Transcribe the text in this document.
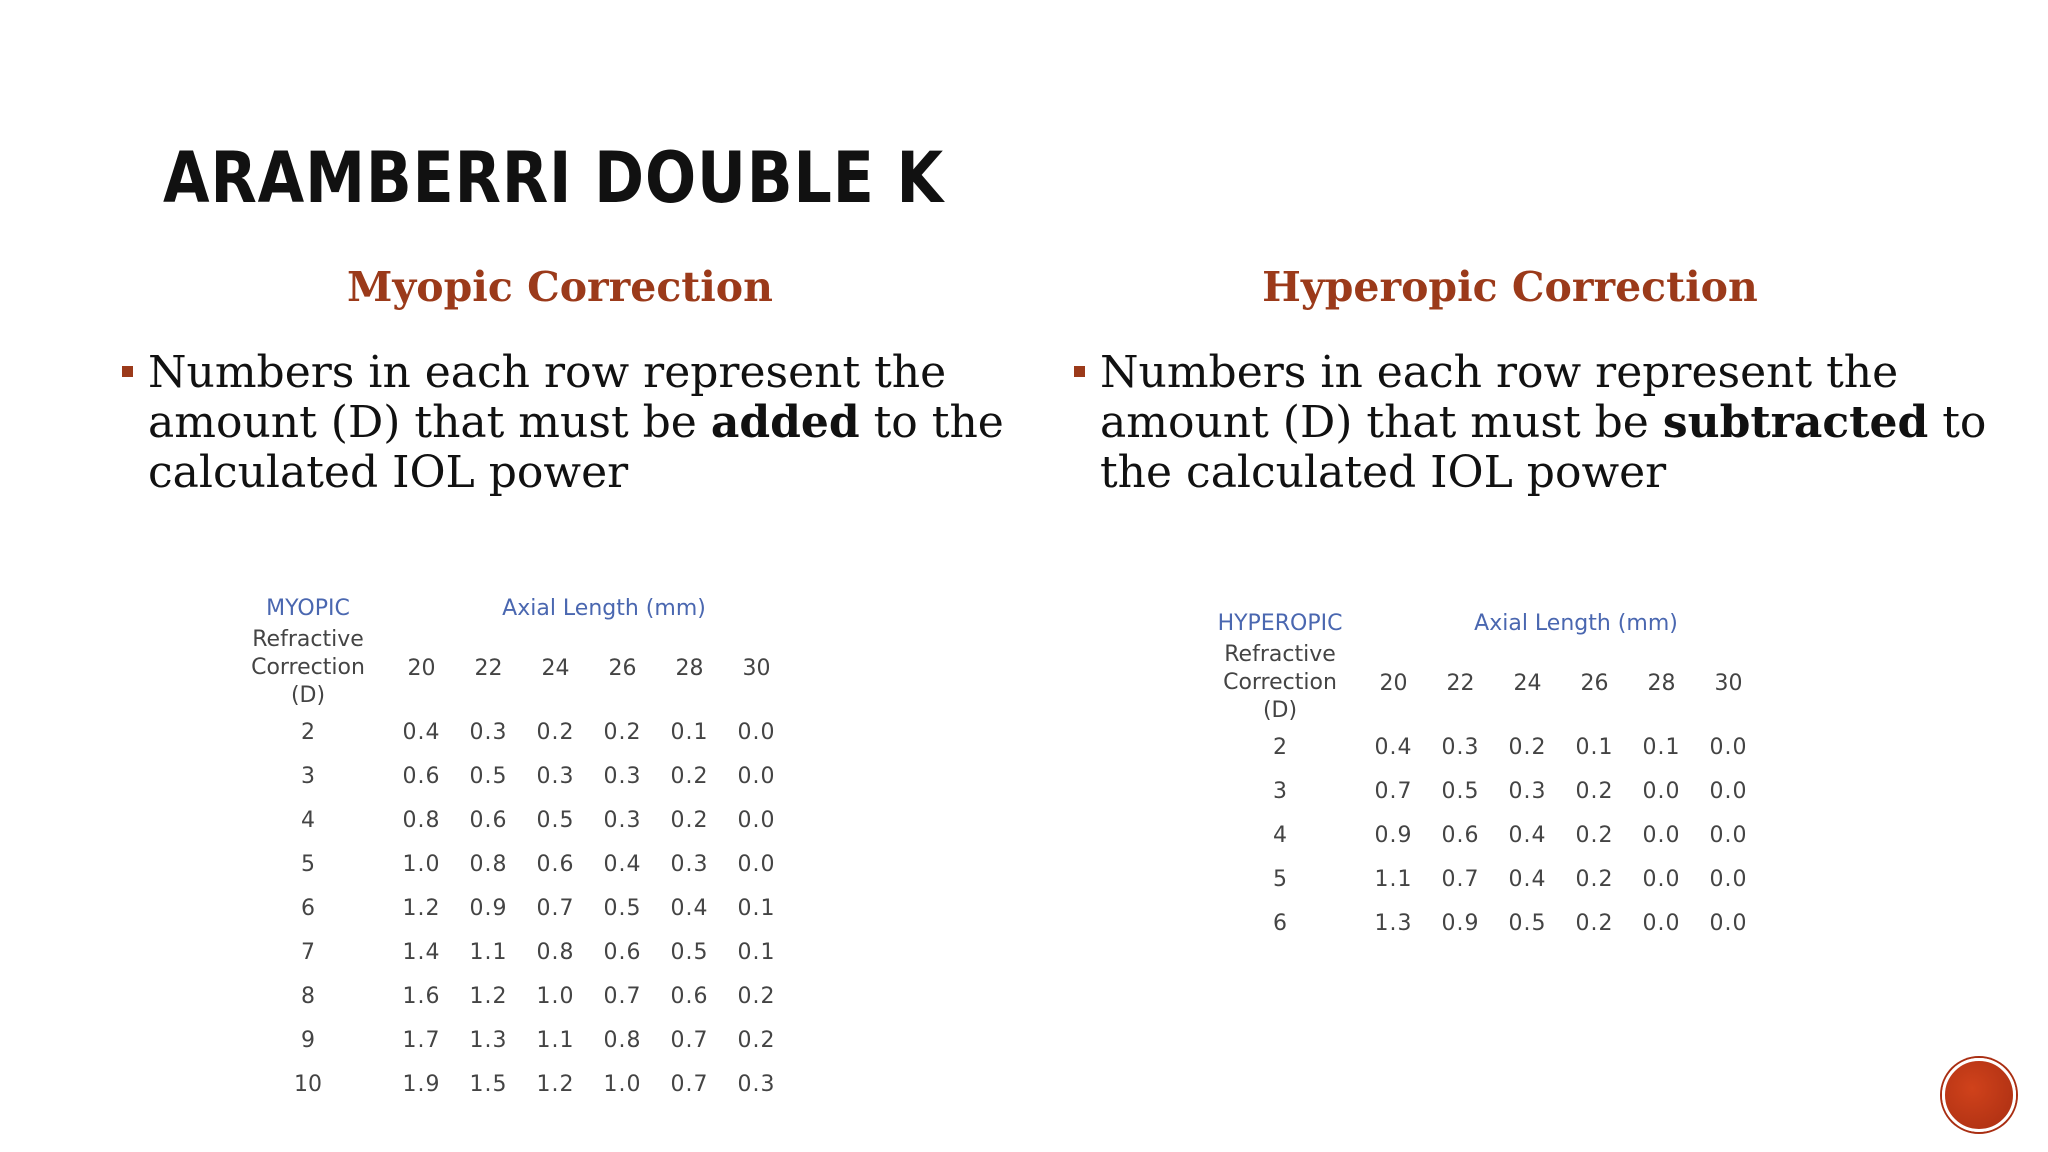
ARAMBERRI DOUBLE K
Myopic Correction	Hyperopic Correction
Numbers in each row represent the amount (D) that must be added to the calculated IOL power
Numbers in each row represent the amount (D) that must be subtracted to the calculated IOL power
MYOPIC	Axial Length (mm)
Refractive
Correction
(D)
20	22	24	26	28	30
2	0.4	0.3	0.2	0.2	0.1	0.0
3	0.6	0.5	0.3	0.3	0.2	0.0
4	0.8	0.6	0.5	0.3	0.2	0.0
5	1.0	0.8	0.6	0.4	0.3	0.0
6	1.2	0.9	0.7	0.5	0.4	0.1
7	1.4	1.1	0.8	0.6	0.5	0.1
8	1.6	1.2	1.0	0.7	0.6	0.2
9	1.7	1.3	1.1	0.8	0.7	0.2
10	1.9	1.5	1.2	1.0	0.7	0.3
HYPEROPIC	Axial Length (mm)
Refractive
Correction
(D)
20	22	24	26	28	30
2	0.4	0.3	0.2	0.1	0.1	0.0
3	0.7	0.5	0.3	0.2	0.0	0.0
4	0.9	0.6	0.4	0.2	0.0	0.0
5	1.1	0.7	0.4	0.2	0.0	0.0
6	1.3	0.9	0.5	0.2	0.0	0.0
